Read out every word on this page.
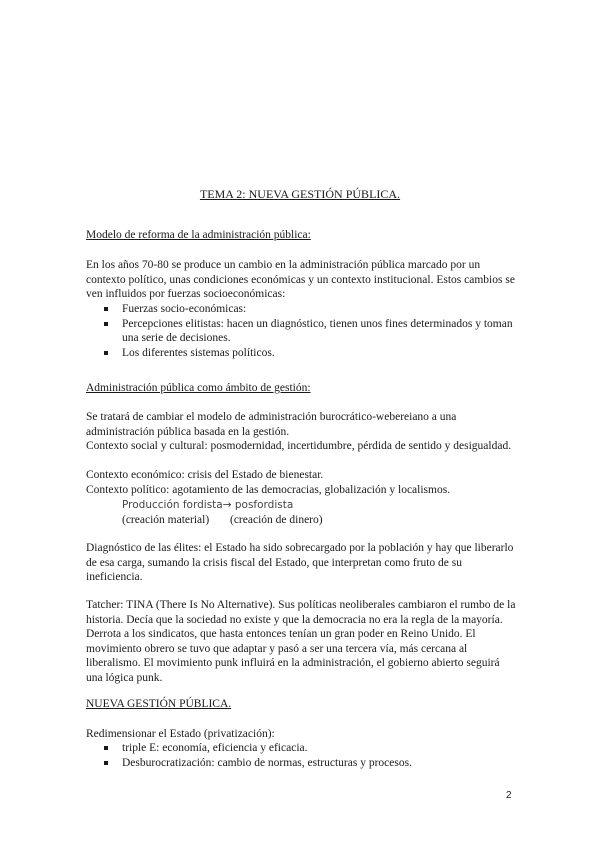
TEMA 2: NUEVA GESTIÓN PÚBLICA.
Modelo de reforma de la administración pública:

En los años 70-80 se produce un cambio en la administración pública marcado por un contexto político, unas condiciones económicas y un contexto institucional. Estos cambios se ven influidos por fuerzas socioeconómicas:

Fuerzas socio-económicas:
Percepciones elitistas: hacen un diagnóstico, tienen unos fines determinados y toman una serie de decisiones.
Los diferentes sistemas políticos.
Administración pública como ámbito de gestión:

Se tratará de cambiar el modelo de administración burocrático-webereiano a una administración pública basada en la gestión.

Contexto social y cultural: posmodernidad, incertidumbre, pérdida de sentido y desigualdad.

Contexto económico: crisis del Estado de bienestar.

Contexto político: agotamiento de las democracias, globalización y localismos.

Producción fordista→ posfordista
(creación material) (creación de dinero)

Diagnóstico de las élites: el Estado ha sido sobrecargado por la población y hay que liberarlo de esa carga, sumando la crisis fiscal del Estado, que interpretan como fruto de su ineficiencia.

Tatcher: TINA (There Is No Alternative). Sus políticas neoliberales cambiaron el rumbo de la historia. Decía que la sociedad no existe y que la democracia no era la regla de la mayoría. Derrota a los sindicatos, que hasta entonces tenían un gran poder en Reino Unido. El movimiento obrero se tuvo que adaptar y pasó a ser una tercera vía, más cercana al liberalismo. El movimiento punk influirá en la administración, el gobierno abierto seguirá una lógica punk.

NUEVA GESTIÓN PÚBLICA.

Redimensionar el Estado (privatización):

triple E: economía, eficiencia y eficacia.
Desburocratización: cambio de normas, estructuras y procesos.
2
